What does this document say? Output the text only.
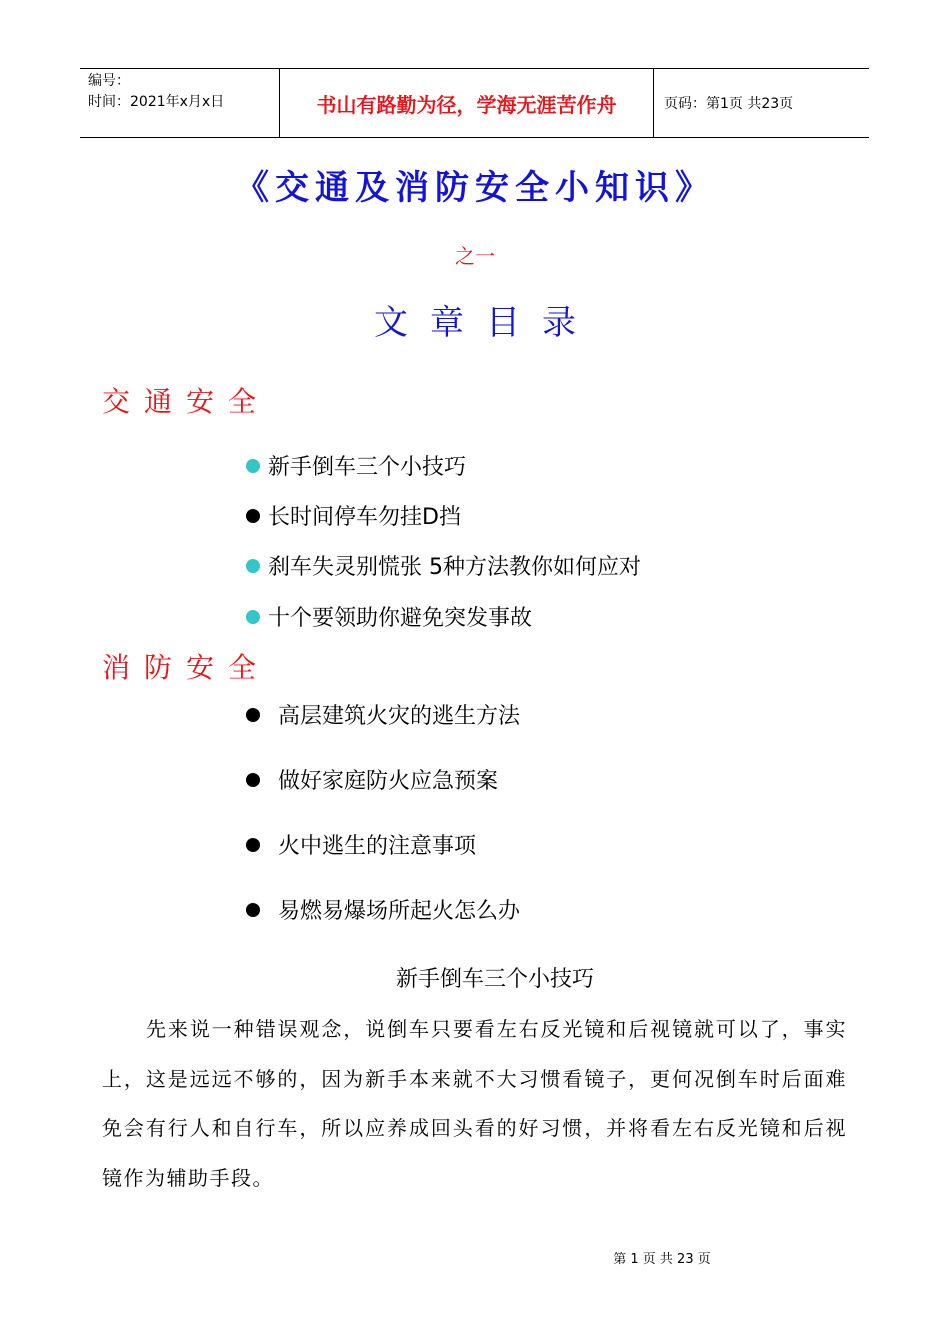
编号：
时间：2021年x月x日	书山有路勤为径，学海无涯苦作舟	页码：第1页 共23页
《交通及消防安全小知识》
之一
文章目录
交通安全
新手倒车三个小技巧
长时间停车勿挂D挡
刹车失灵别慌张 5种方法教你如何应对
十个要领助你避免突发事故
消防安全
高层建筑火灾的逃生方法
做好家庭防火应急预案
火中逃生的注意事项
易燃易爆场所起火怎么办
新手倒车三个小技巧
先来说一种错误观念，说倒车只要看左右反光镜和后视镜就可以了，事实上，这是远远不够的，因为新手本来就不大习惯看镜子，更何况倒车时后面难免会有行人和自行车，所以应养成回头看的好习惯，并将看左右反光镜和后视镜作为辅助手段。
第 1 页 共 23 页
